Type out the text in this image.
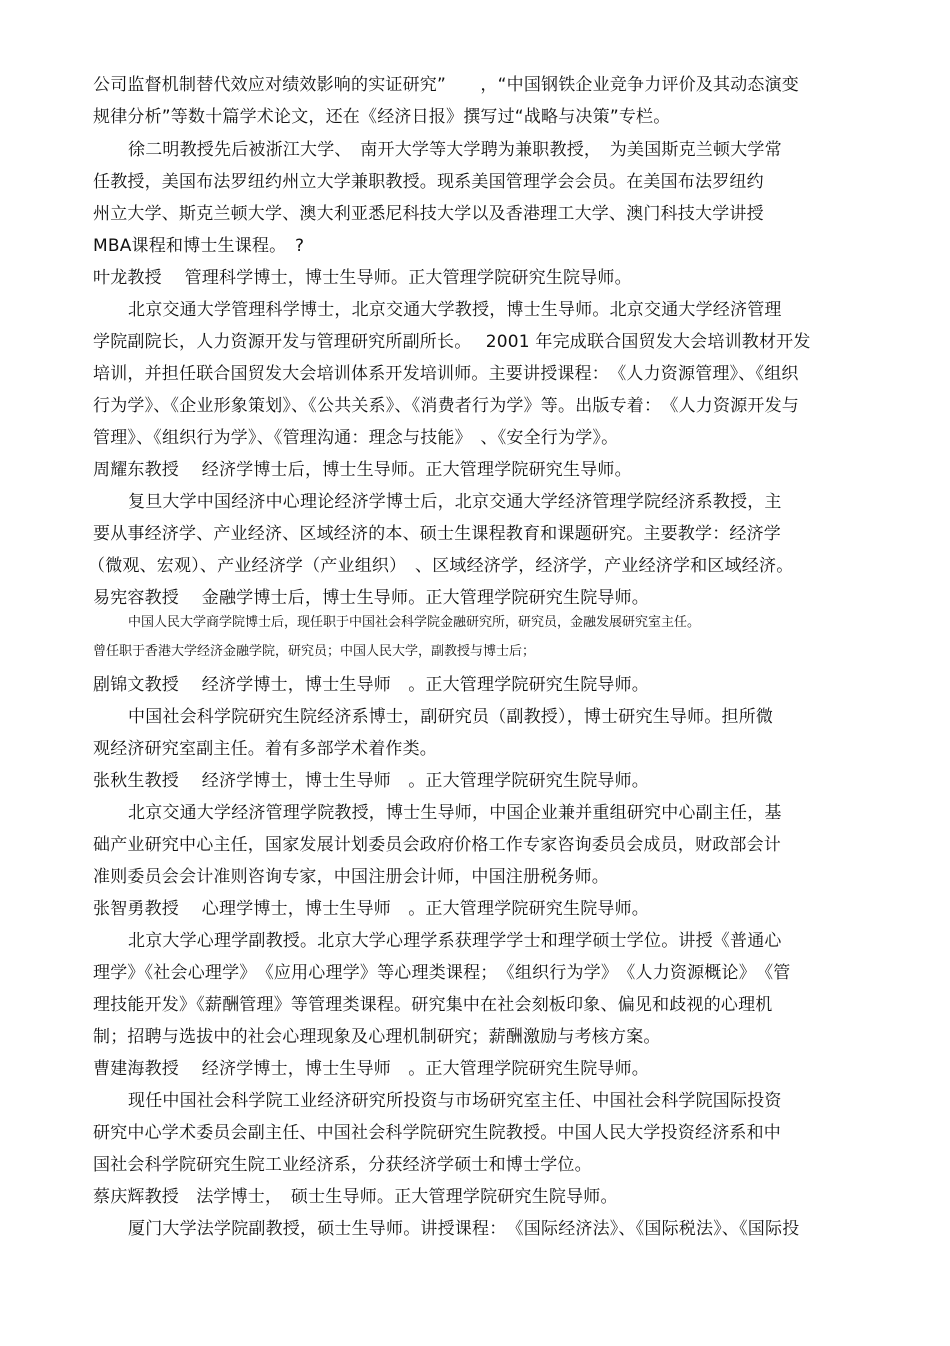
公司监督机制替代效应对绩效影响的实证研究”　　，“中国钢铁企业竞争力评价及其动态演变
规律分析”等数十篇学术论文，还在《经济日报》撰写过“战略与决策”专栏。
徐二明教授先后被浙江大学、　南开大学等大学聘为兼职教授，　为美国斯克兰顿大学常
任教授，美国布法罗纽约州立大学兼职教授。现系美国管理学会会员。在美国布法罗纽约
州立大学、斯克兰顿大学、澳大利亚悉尼科技大学以及香港理工大学、澳门科技大学讲授
MBA课程和博士生课程。　?
叶龙教授　 管理科学博士，博士生导师。正大管理学院研究生院导师。
北京交通大学管理科学博士，北京交通大学教授，博士生导师。北京交通大学经济管理
学院副院长，人力资源开发与管理研究所副所长。　 2001 年完成联合国贸发大会培训教材开发
培训，并担任联合国贸发大会培训体系开发培训师。主要讲授课程：　《人力资源管理》、《组织
行为学》、《企业形象策划》、《公共关系》、《消费者行为学》等。出版专着：　《人力资源开发与
管理》、《组织行为学》、《管理沟通：理念与技能》　、《安全行为学》。
周耀东教授　 经济学博士后，博士生导师。正大管理学院研究生导师。
复旦大学中国经济中心理论经济学博士后，北京交通大学经济管理学院经济系教授，主
要从事经济学、产业经济、区域经济的本、硕士生课程教育和课题研究。主要教学：经济学
（微观、宏观）、产业经济学（产业组织）　、区域经济学，经济学，产业经济学和区域经济。
易宪容教授　 金融学博士后，博士生导师。正大管理学院研究生院导师。
中国人民大学商学院博士后，现任职于中国社会科学院金融研究所，研究员，金融发展研究室主任。
曾任职于香港大学经济金融学院，研究员；中国人民大学，副教授与博士后；
剧锦文教授　 经济学博士，博士生导师　。正大管理学院研究生院导师。
中国社会科学院研究生院经济系博士，副研究员（副教授），博士研究生导师。担所微
观经济研究室副主任。着有多部学术着作类。
张秋生教授　 经济学博士，博士生导师　。正大管理学院研究生院导师。
北京交通大学经济管理学院教授，博士生导师，中国企业兼并重组研究中心副主任，基
础产业研究中心主任，国家发展计划委员会政府价格工作专家咨询委员会成员，财政部会计
准则委员会会计准则咨询专家，中国注册会计师，中国注册税务师。
张智勇教授　 心理学博士，博士生导师　。正大管理学院研究生院导师。
北京大学心理学副教授。北京大学心理学系获理学学士和理学硕士学位。讲授《普通心
理学》《社会心理学》　《应用心理学》等心理类课程；　《组织行为学》　《人力资源概论》　《管
理技能开发》《薪酬管理》等管理类课程。研究集中在社会刻板印象、偏见和歧视的心理机
制；招聘与选拔中的社会心理现象及心理机制研究；薪酬激励与考核方案。
曹建海教授　 经济学博士，博士生导师　。正大管理学院研究生院导师。
现任中国社会科学院工业经济研究所投资与市场研究室主任、中国社会科学院国际投资
研究中心学术委员会副主任、中国社会科学院研究生院教授。中国人民大学投资经济系和中
国社会科学院研究生院工业经济系，分获经济学硕士和博士学位。
蔡庆辉教授　法学博士，　硕士生导师。正大管理学院研究生院导师。
厦门大学法学院副教授，硕士生导师。讲授课程：　《国际经济法》、《国际税法》、《国际投
